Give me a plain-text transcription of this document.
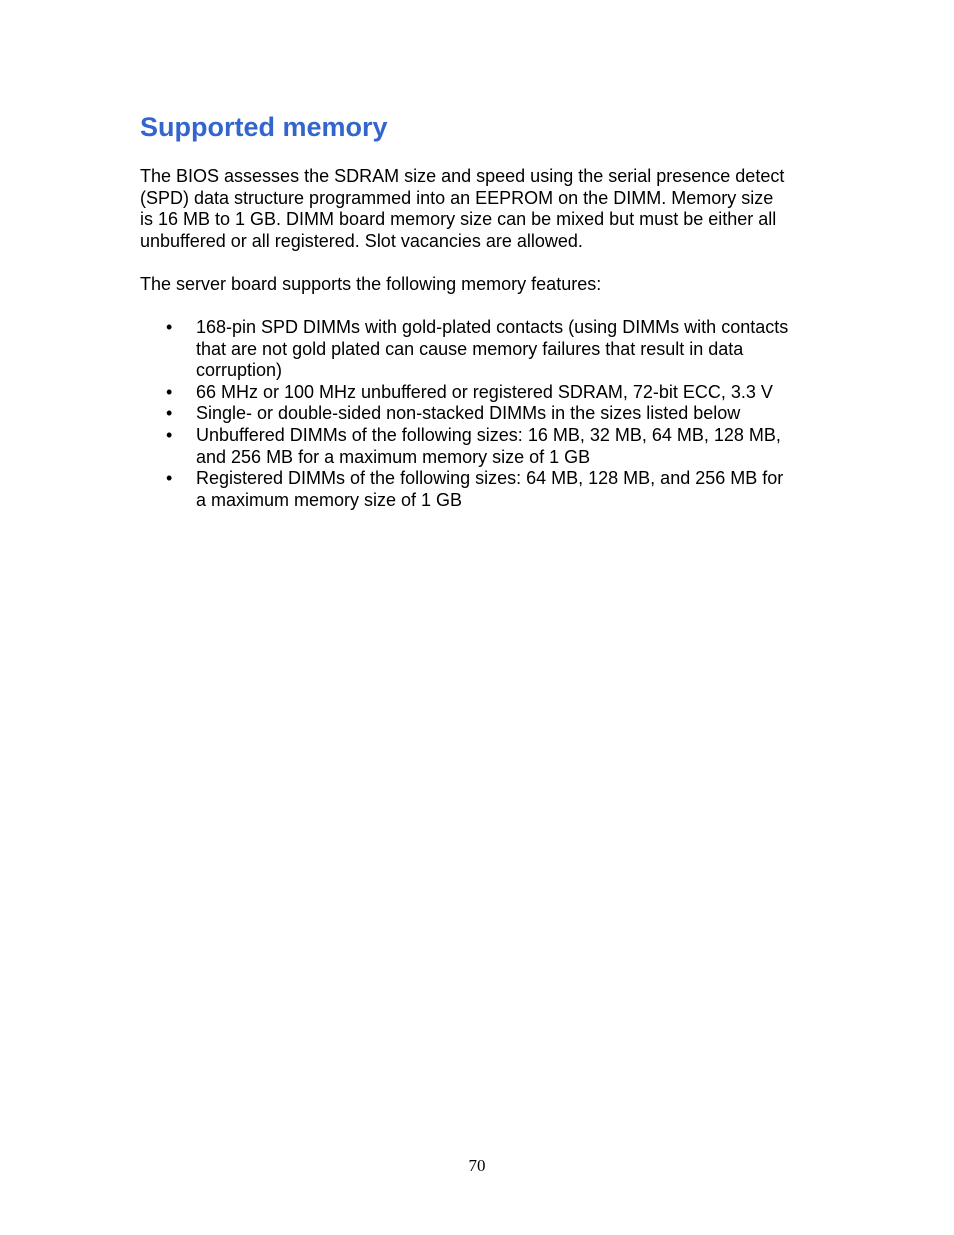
Supported memory

The BIOS assesses the SDRAM size and speed using the serial presence detect
(SPD) data structure programmed into an EEPROM on the DIMM. Memory size
is 16 MB to 1 GB. DIMM board memory size can be mixed but must be either all
unbuffered or all registered. Slot vacancies are allowed.

The server board supports the following memory features:

• 168-pin SPD DIMMs with gold-plated contacts (using DIMMs with contacts
that are not gold plated can cause memory failures that result in data
corruption)
• 66 MHz or 100 MHz unbuffered or registered SDRAM, 72-bit ECC, 3.3 V
• Single- or double-sided non-stacked DIMMs in the sizes listed below
• Unbuffered DIMMs of the following sizes: 16 MB, 32 MB, 64 MB, 128 MB,
and 256 MB for a maximum memory size of 1 GB
• Registered DIMMs of the following sizes: 64 MB, 128 MB, and 256 MB for
a maximum memory size of 1 GB
70
